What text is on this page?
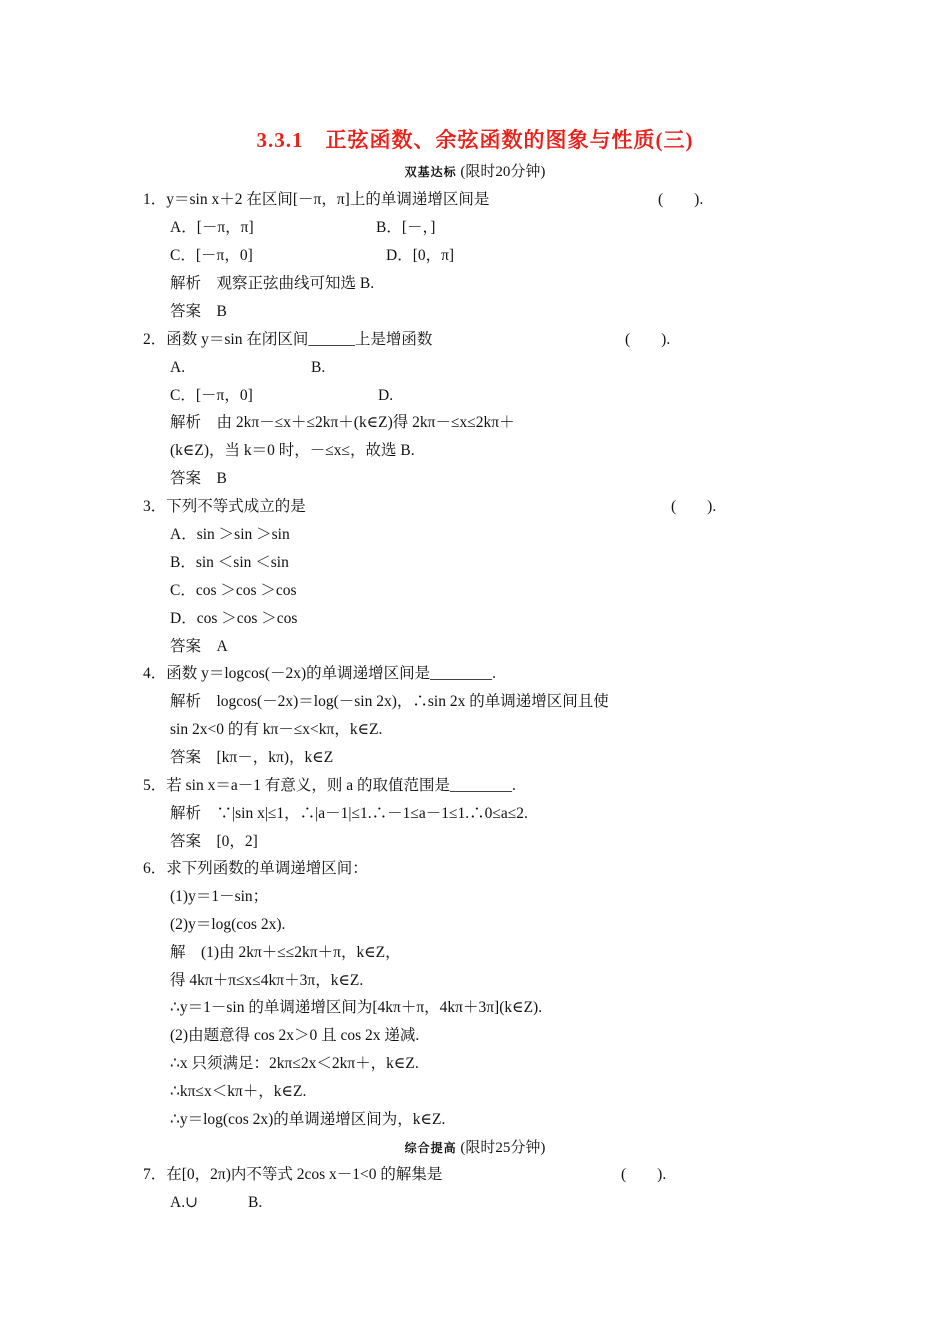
3.3.1　正弦函数、余弦函数的图象与性质(三)
双基达标 (限时20分钟)
1．y＝sin x＋2 在区间[－π，π]上的单调递增区间是	(　　).
A．[－π，π]	B．[－，]
C．[－π，0]	D．[0，π]
解析　观察正弦曲线可知选 B.
答案　B
2．函数 y＝sin 在闭区间______上是增函数	(　　).
A.	B.
C．[－π，0]	D.
解析　由 2kπ－≤x＋≤2kπ＋(k∈Z)得 2kπ－≤x≤2kπ＋
(k∈Z)，当 k＝0 时，－≤x≤，故选 B.
答案　B
3．下列不等式成立的是	(　　).
A．sin ＞sin ＞sin
B．sin ＜sin ＜sin
C．cos ＞cos ＞cos
D．cos ＞cos ＞cos
答案　A
4．函数 y＝logcos(－2x)的单调递增区间是________.
解析　logcos(－2x)＝log(－sin 2x)，∴sin 2x 的单调递增区间且使
sin 2x<0 的有 kπ－≤x<kπ，k∈Z.
答案　[kπ－，kπ)，k∈Z
5．若 sin x＝a－1 有意义，则 a 的取值范围是________.
解析　∵|sin x|≤1，∴|a－1|≤1.∴－1≤a－1≤1.∴0≤a≤2.
答案　[0，2]
6．求下列函数的单调递增区间：
(1)y＝1－sin；
(2)y＝log(cos 2x).
解　(1)由 2kπ＋≤≤2kπ＋π，k∈Z，
得 4kπ＋π≤x≤4kπ＋3π，k∈Z.
∴y＝1－sin 的单调递增区间为[4kπ＋π，4kπ＋3π](k∈Z).
(2)由题意得 cos 2x＞0 且 cos 2x 递减.
∴x 只须满足：2kπ≤2x＜2kπ＋，k∈Z.
∴kπ≤x＜kπ＋，k∈Z.
∴y＝log(cos 2x)的单调递增区间为，k∈Z.
综合提高 (限时25分钟)
7．在[0，2π)内不等式 2cos x－1<0 的解集是	(　　).
A.∪	B.
